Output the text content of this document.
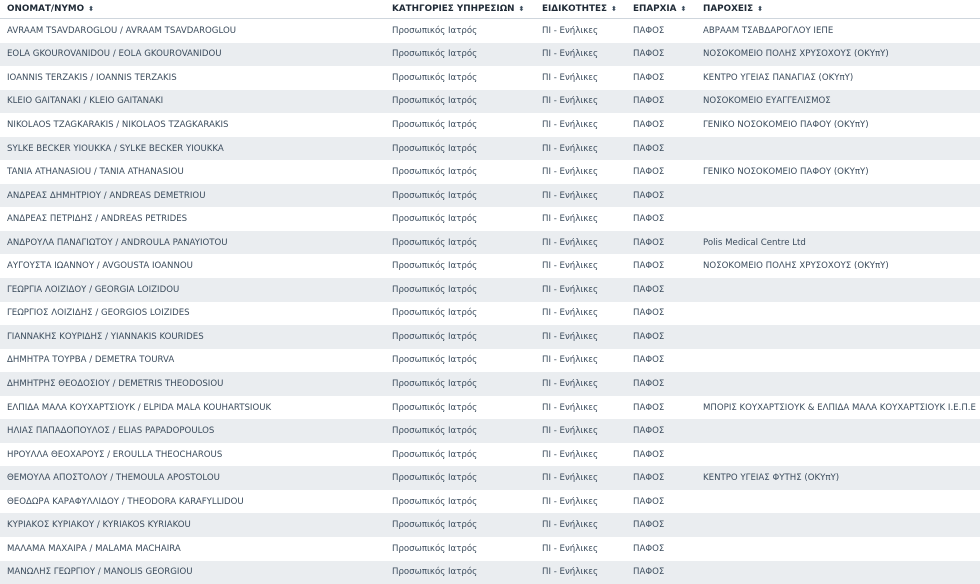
ΟΝΟΜΑΤ/ΝΥΜΟ ⬍	ΚΑΤΗΓΟΡΙΕΣ ΥΠΗΡΕΣΙΩΝ ⬍	ΕΙΔΙΚΟΤΗΤΕΣ ⬍	ΕΠΑΡΧΙΑ ⬍	ΠΑΡΟΧΕΙΣ ⬍
AVRAAM TSAVDAROGLOU / AVRAAM TSAVDAROGLOU	Προσωπικός Ιατρός	ΠΙ - Ενήλικες	ΠΑΦΟΣ	ΑΒΡΑΑΜ ΤΣΑΒΔΑΡΟΓΛΟΥ ΙΕΠΕ
EOLA GKOUROVANIDOU / EOLA GKOUROVANIDOU	Προσωπικός Ιατρός	ΠΙ - Ενήλικες	ΠΑΦΟΣ	ΝΟΣΟΚΟΜΕΙΟ ΠΟΛΗΣ ΧΡΥΣΟΧΟΥΣ (ΟΚΥπΥ)
IOANNIS TERZAKIS / IOANNIS TERZAKIS	Προσωπικός Ιατρός	ΠΙ - Ενήλικες	ΠΑΦΟΣ	ΚΕΝΤΡΟ ΥΓΕΙΑΣ ΠΑΝΑΓΙΑΣ (ΟΚΥπΥ)
KLEIO GAITANAKI / KLEIO GAITANAKI	Προσωπικός Ιατρός	ΠΙ - Ενήλικες	ΠΑΦΟΣ	ΝΟΣΟΚΟΜΕΙΟ ΕΥΑΓΓΕΛΙΣΜΟΣ
NIKOLAOS TZAGKARAKIS / NIKOLAOS TZAGKARAKIS	Προσωπικός Ιατρός	ΠΙ - Ενήλικες	ΠΑΦΟΣ	ΓΕΝΙΚΟ ΝΟΣΟΚΟΜΕΙΟ ΠΑΦΟΥ (ΟΚΥπΥ)
SYLKE BECKER YIOUKKA / SYLKE BECKER YIOUKKA	Προσωπικός Ιατρός	ΠΙ - Ενήλικες	ΠΑΦΟΣ	
TANIA ATHANASIOU / TANIA ATHANASIOU	Προσωπικός Ιατρός	ΠΙ - Ενήλικες	ΠΑΦΟΣ	ΓΕΝΙΚΟ ΝΟΣΟΚΟΜΕΙΟ ΠΑΦΟΥ (ΟΚΥπΥ)
ΑΝΔΡΕΑΣ ΔΗΜΗΤΡΙΟΥ / ANDREAS DEMETRIOU	Προσωπικός Ιατρός	ΠΙ - Ενήλικες	ΠΑΦΟΣ	
ΑΝΔΡΕΑΣ ΠΕΤΡΙΔΗΣ / ANDREAS PETRIDES	Προσωπικός Ιατρός	ΠΙ - Ενήλικες	ΠΑΦΟΣ	
ΑΝΔΡΟΥΛΑ ΠΑΝΑΓΙΩΤΟΥ / ANDROULA PANAYIOTOU	Προσωπικός Ιατρός	ΠΙ - Ενήλικες	ΠΑΦΟΣ	Polis Medical Centre Ltd
ΑΥΓΟΥΣΤΑ ΙΩΑΝΝΟΥ / AVGOUSTA IOANNOU	Προσωπικός Ιατρός	ΠΙ - Ενήλικες	ΠΑΦΟΣ	ΝΟΣΟΚΟΜΕΙΟ ΠΟΛΗΣ ΧΡΥΣΟΧΟΥΣ (ΟΚΥπΥ)
ΓΕΩΡΓΙΑ ΛΟΙΖΙΔΟΥ / GEORGIA LOIZIDOU	Προσωπικός Ιατρός	ΠΙ - Ενήλικες	ΠΑΦΟΣ	
ΓΕΩΡΓΙΟΣ ΛΟΙΖΙΔΗΣ / GEORGIOS LOIZIDES	Προσωπικός Ιατρός	ΠΙ - Ενήλικες	ΠΑΦΟΣ	
ΓΙΑΝΝΑΚΗΣ ΚΟΥΡΙΔΗΣ / YIANNAKIS KOURIDES	Προσωπικός Ιατρός	ΠΙ - Ενήλικες	ΠΑΦΟΣ	
ΔΗΜΗΤΡΑ ΤΟΥΡΒΑ / DEMETRA TOURVA	Προσωπικός Ιατρός	ΠΙ - Ενήλικες	ΠΑΦΟΣ	
ΔΗΜΗΤΡΗΣ ΘΕΟΔΟΣΙΟΥ / DEMETRIS THEODOSIOU	Προσωπικός Ιατρός	ΠΙ - Ενήλικες	ΠΑΦΟΣ	
ΕΛΠΙΔΑ ΜΑΛΑ ΚΟΥΧΑΡΤΣΙΟΥΚ / ELPIDA MALA KOUHARTSIOUK	Προσωπικός Ιατρός	ΠΙ - Ενήλικες	ΠΑΦΟΣ	ΜΠΟΡΙΣ ΚΟΥΧΑΡΤΣΙΟΥΚ & ΕΛΠΙΔΑ ΜΑΛΑ ΚΟΥΧΑΡΤΣΙΟΥΚ Ι.Ε.Π.Ε
ΗΛΙΑΣ ΠΑΠΑΔΟΠΟΥΛΟΣ / ELIAS PAPADOPOULOS	Προσωπικός Ιατρός	ΠΙ - Ενήλικες	ΠΑΦΟΣ	
ΗΡΟΥΛΛΑ ΘΕΟΧΑΡΟΥΣ / EROULLA THEOCHAROUS	Προσωπικός Ιατρός	ΠΙ - Ενήλικες	ΠΑΦΟΣ	
ΘΕΜΟΥΛΑ ΑΠΟΣΤΟΛΟΥ / THEMOULA APOSTOLOU	Προσωπικός Ιατρός	ΠΙ - Ενήλικες	ΠΑΦΟΣ	ΚΕΝΤΡΟ ΥΓΕΙΑΣ ΦΥΤΗΣ (ΟΚΥπΥ)
ΘΕΟΔΩΡΑ ΚΑΡΑΦΥΛΛΙΔΟΥ / THEODORA KARAFYLLIDOU	Προσωπικός Ιατρός	ΠΙ - Ενήλικες	ΠΑΦΟΣ	
ΚΥΡΙΑΚΟΣ ΚΥΡΙΑΚΟΥ / KYRIAKOS KYRIAKOU	Προσωπικός Ιατρός	ΠΙ - Ενήλικες	ΠΑΦΟΣ	
ΜΑΛΑΜΑ ΜΑΧΑΙΡΑ / MALAMA MACHAIRA	Προσωπικός Ιατρός	ΠΙ - Ενήλικες	ΠΑΦΟΣ	
ΜΑΝΩΛΗΣ ΓΕΩΡΓΙΟΥ / MANOLIS GEORGIOU	Προσωπικός Ιατρός	ΠΙ - Ενήλικες	ΠΑΦΟΣ	
